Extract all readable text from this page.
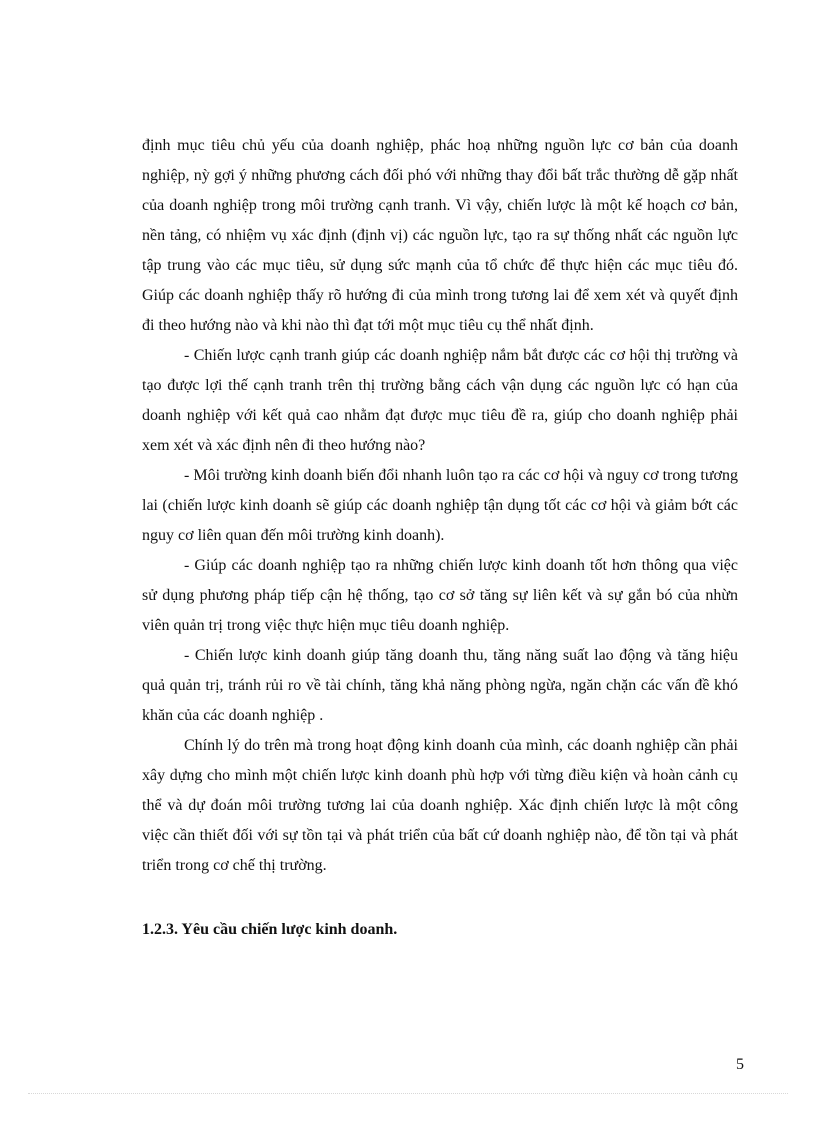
định mục tiêu chủ yếu của doanh nghiệp, phác hoạ những nguồn lực cơ bản của doanh nghiệp, nỳ gợi ý những phương cách đối phó với những thay đổi bất trắc thường dễ gặp nhất của doanh nghiệp trong môi trường cạnh tranh. Vì vậy, chiến lược là một kế hoạch cơ bản, nền tảng, có nhiệm vụ xác định (định vị) các nguồn lực, tạo ra sự thống nhất các nguồn lực tập trung vào các mục tiêu, sử dụng sức mạnh của tổ chức để thực hiện các mục tiêu đó. Giúp các doanh nghiệp thấy rõ hướng đi của mình trong tương lai để xem xét và quyết định đi theo hướng nào và khi nào thì đạt tới một mục tiêu cụ thể nhất định.

- Chiến lược cạnh tranh giúp các doanh nghiệp nắm bắt được các cơ hội thị trường và tạo được lợi thế cạnh tranh trên thị trường bằng cách vận dụng các nguồn lực có hạn của doanh nghiệp với kết quả cao nhằm đạt được mục tiêu đề ra, giúp cho doanh nghiệp phải xem xét và xác định nên đi theo hướng nào?

- Môi trường kinh doanh biến đổi nhanh luôn tạo ra các cơ hội và nguy cơ trong tương lai (chiến lược kinh doanh sẽ giúp các doanh nghiệp tận dụng tốt các cơ hội và giảm bớt các nguy cơ liên quan đến môi trường kinh doanh).

- Giúp các doanh nghiệp tạo ra những chiến lược kinh doanh tốt hơn thông qua việc sử dụng phương pháp tiếp cận hệ thống, tạo cơ sở tăng sự liên kết và sự gắn bó của nhừn viên quản trị trong việc thực hiện mục tiêu doanh nghiệp.

- Chiến lược kinh doanh giúp tăng doanh thu, tăng năng suất lao động và tăng hiệu quả quản trị, tránh rủi ro về tài chính, tăng khả năng phòng ngừa, ngăn chặn các vấn đề khó khăn của các doanh nghiệp .

Chính lý do trên mà trong hoạt động kinh doanh của mình, các doanh nghiệp cần phải xây dựng cho mình một chiến lược kinh doanh phù hợp với từng điều kiện và hoàn cảnh cụ thể và dự đoán môi trường tương lai của doanh nghiệp. Xác định chiến lược là một công việc cần thiết đối với sự tồn tại và phát triển của bất cứ doanh nghiệp nào, để tồn tại và phát triển trong cơ chế thị trường.

1.2.3. Yêu cầu chiến lược kinh doanh.
5
